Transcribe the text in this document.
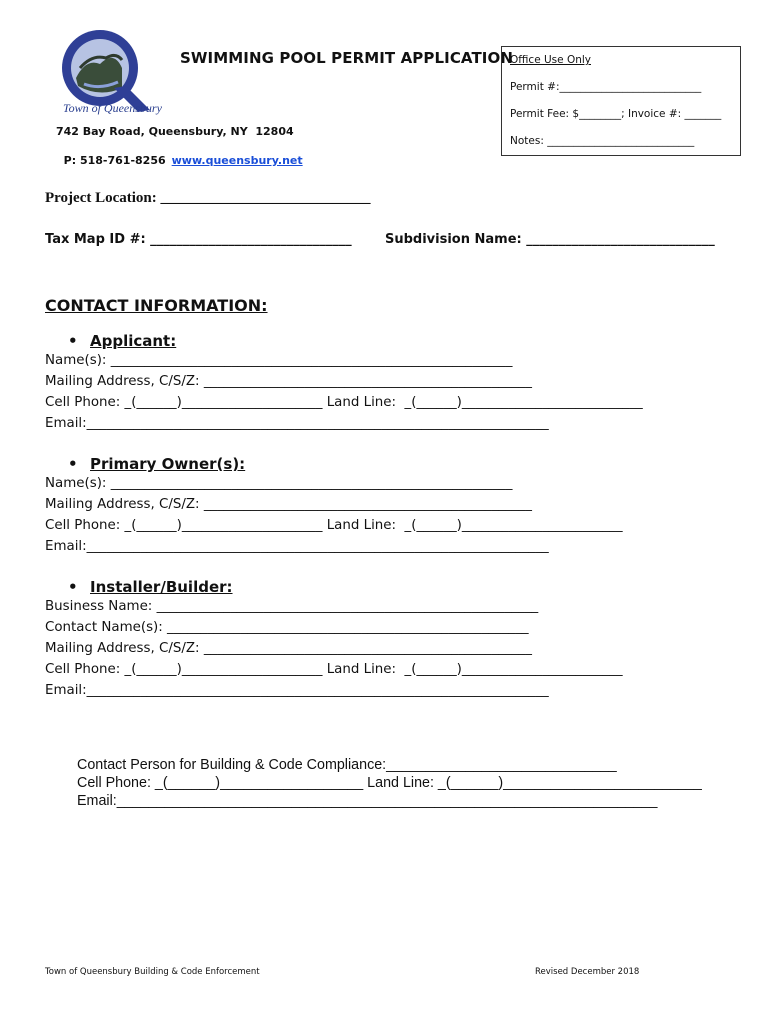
Town of Queensbury
742 Bay Road, Queensbury, NY  12804

P: 518-761-8256 www.queensbury.net

SWIMMING POOL PERMIT APPLICATION
Office Use Only
Permit #:___________________________
Permit Fee: $________; Invoice #: _______
Notes: ____________________________
Project Location: ____________________________
Tax Map ID #: _______________________________	Subdivision Name: _____________________________
CONTACT INFORMATION:
• Applicant:
Name(s): ____________________________________________________________
Mailing Address, C/S/Z: _________________________________________________
Cell Phone: _(______)_____________________ Land Line:  _(______)___________________________
Email:_____________________________________________________________________
• Primary Owner(s):
Name(s): ____________________________________________________________
Mailing Address, C/S/Z: _________________________________________________
Cell Phone: _(______)_____________________ Land Line:  _(______)________________________
Email:_____________________________________________________________________
• Installer/Builder:
Business Name: _________________________________________________________
Contact Name(s): ______________________________________________________
Mailing Address, C/S/Z: _________________________________________________
Cell Phone: _(______)_____________________ Land Line:  _(______)________________________
Email:_____________________________________________________________________
Contact Person for Building & Code Compliance:_____________________________
Cell Phone: _(______)__________________ Land Line: _(______)_________________________
Email:____________________________________________________________________
Town of Queensbury Building & Code Enforcement	Revised December 2018
